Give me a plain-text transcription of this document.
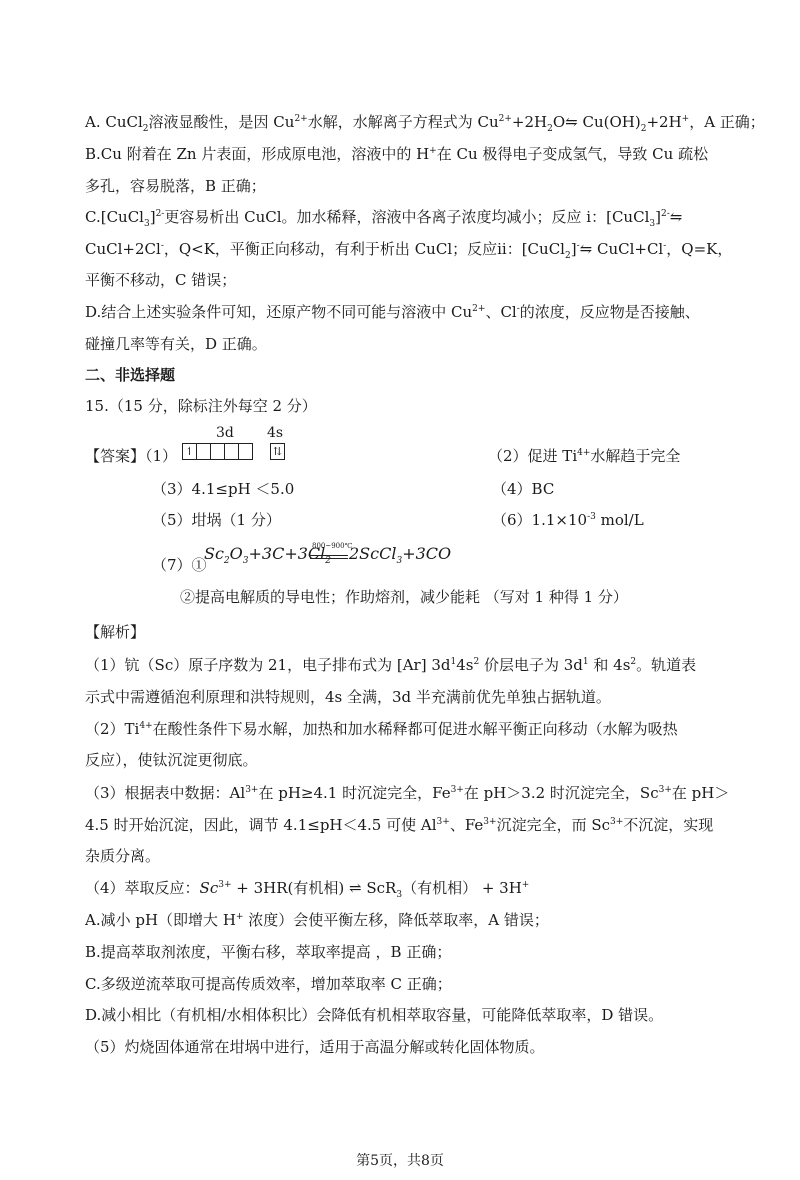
A. CuCl$_2$溶液显酸性，是因 $Cu^{2+}$水解，水解离子方程式为 $Cu^{2+}+2H_2O⇋$ $Cu(OH)_2+2H^+$，A 正确；
B.Cu 附着在 Zn 片表面，形成原电池，溶液中的 H+在 Cu 极得电子变成氢气，导致 Cu 疏松
多孔，容易脱落，B 正确；
C.[CuCl$_3$]$^{2-}$更容易析出 CuCl。加水稀释，溶液中各离子浓度均减小；反应 i：[CuCl$_3$]$^{2-}$⇋
CuCl+2Cl-，Q<K，平衡正向移动，有利于析出 CuCl；反应ii：[CuCl$_2$]-⇋ CuCl+Cl-，Q=K，
平衡不移动，C 错误；
D.结合上述实验条件可知，还原产物不同可能与溶液中 $Cu^{2+}$、Cl-的浓度，反应物是否接触、
碰撞几率等有关，D 正确。
二、非选择题
15.（15 分，除标注外每空 2 分）
【答案】（1）
3d 4s
↿	⇅	（2）促进 $Ti^{4+}$水解趋于完全
（3）4.1≤pH ＜5.0	（4）BC
（5）坩埚（1 分）	$(6)1.1\times 10^{-3}$ mol/L
（7）①
$Sc_2O_3+3C+3Cl_2$
800~900℃
2ScCl$_3$+3CO
②提高电解质的导电性；作助熔剂，减少能耗 （写对 1 种得 1 分）
【解析】
（1）钪（Sc）原子序数为 21，电子排布式为 [Ar] $3d^14s^2$ 价层电子为 $3d^1$ 和 $4s^2$。轨道表
示式中需遵循泡利原理和洪特规则，4s 全满，3d 半充满前优先单独占据轨道。
$(2)Ti^{4+}$在酸性条件下易水解，加热和加水稀释都可促进水解平衡正向移动（水解为吸热
反应），使钛沉淀更彻底。
（3）根据表中数据：$Al^{3+}$在 pH≥4.1 时沉淀完全，$Fe^{3+}$在 pH＞3.2 时沉淀完全，$Sc^{3+}$在 pH＞
4.5 时开始沉淀，因此，调节 4.1≤pH＜4.5 可使 $Al^{3+}$、$Fe^{3+}$沉淀完全，而 $Sc^{3+}$不沉淀，实现
杂质分离。
（4）萃取反应：$Sc^{3+} + 3HR$(有机相) ⇌ ScR$_3$（有机相） + 3H+
A.减小 pH（即增大 H+ 浓度）会使平衡左移，降低萃取率，A 错误；
B.提高萃取剂浓度，平衡右移，萃取率提高 ，B 正确；
C.多级逆流萃取可提高传质效率，增加萃取率 C 正确；
D.减小相比（有机相/水相体积比）会降低有机相萃取容量，可能降低萃取率，D 错误。
（5）灼烧固体通常在坩埚中进行，适用于高温分解或转化固体物质。
第5页，共8页
